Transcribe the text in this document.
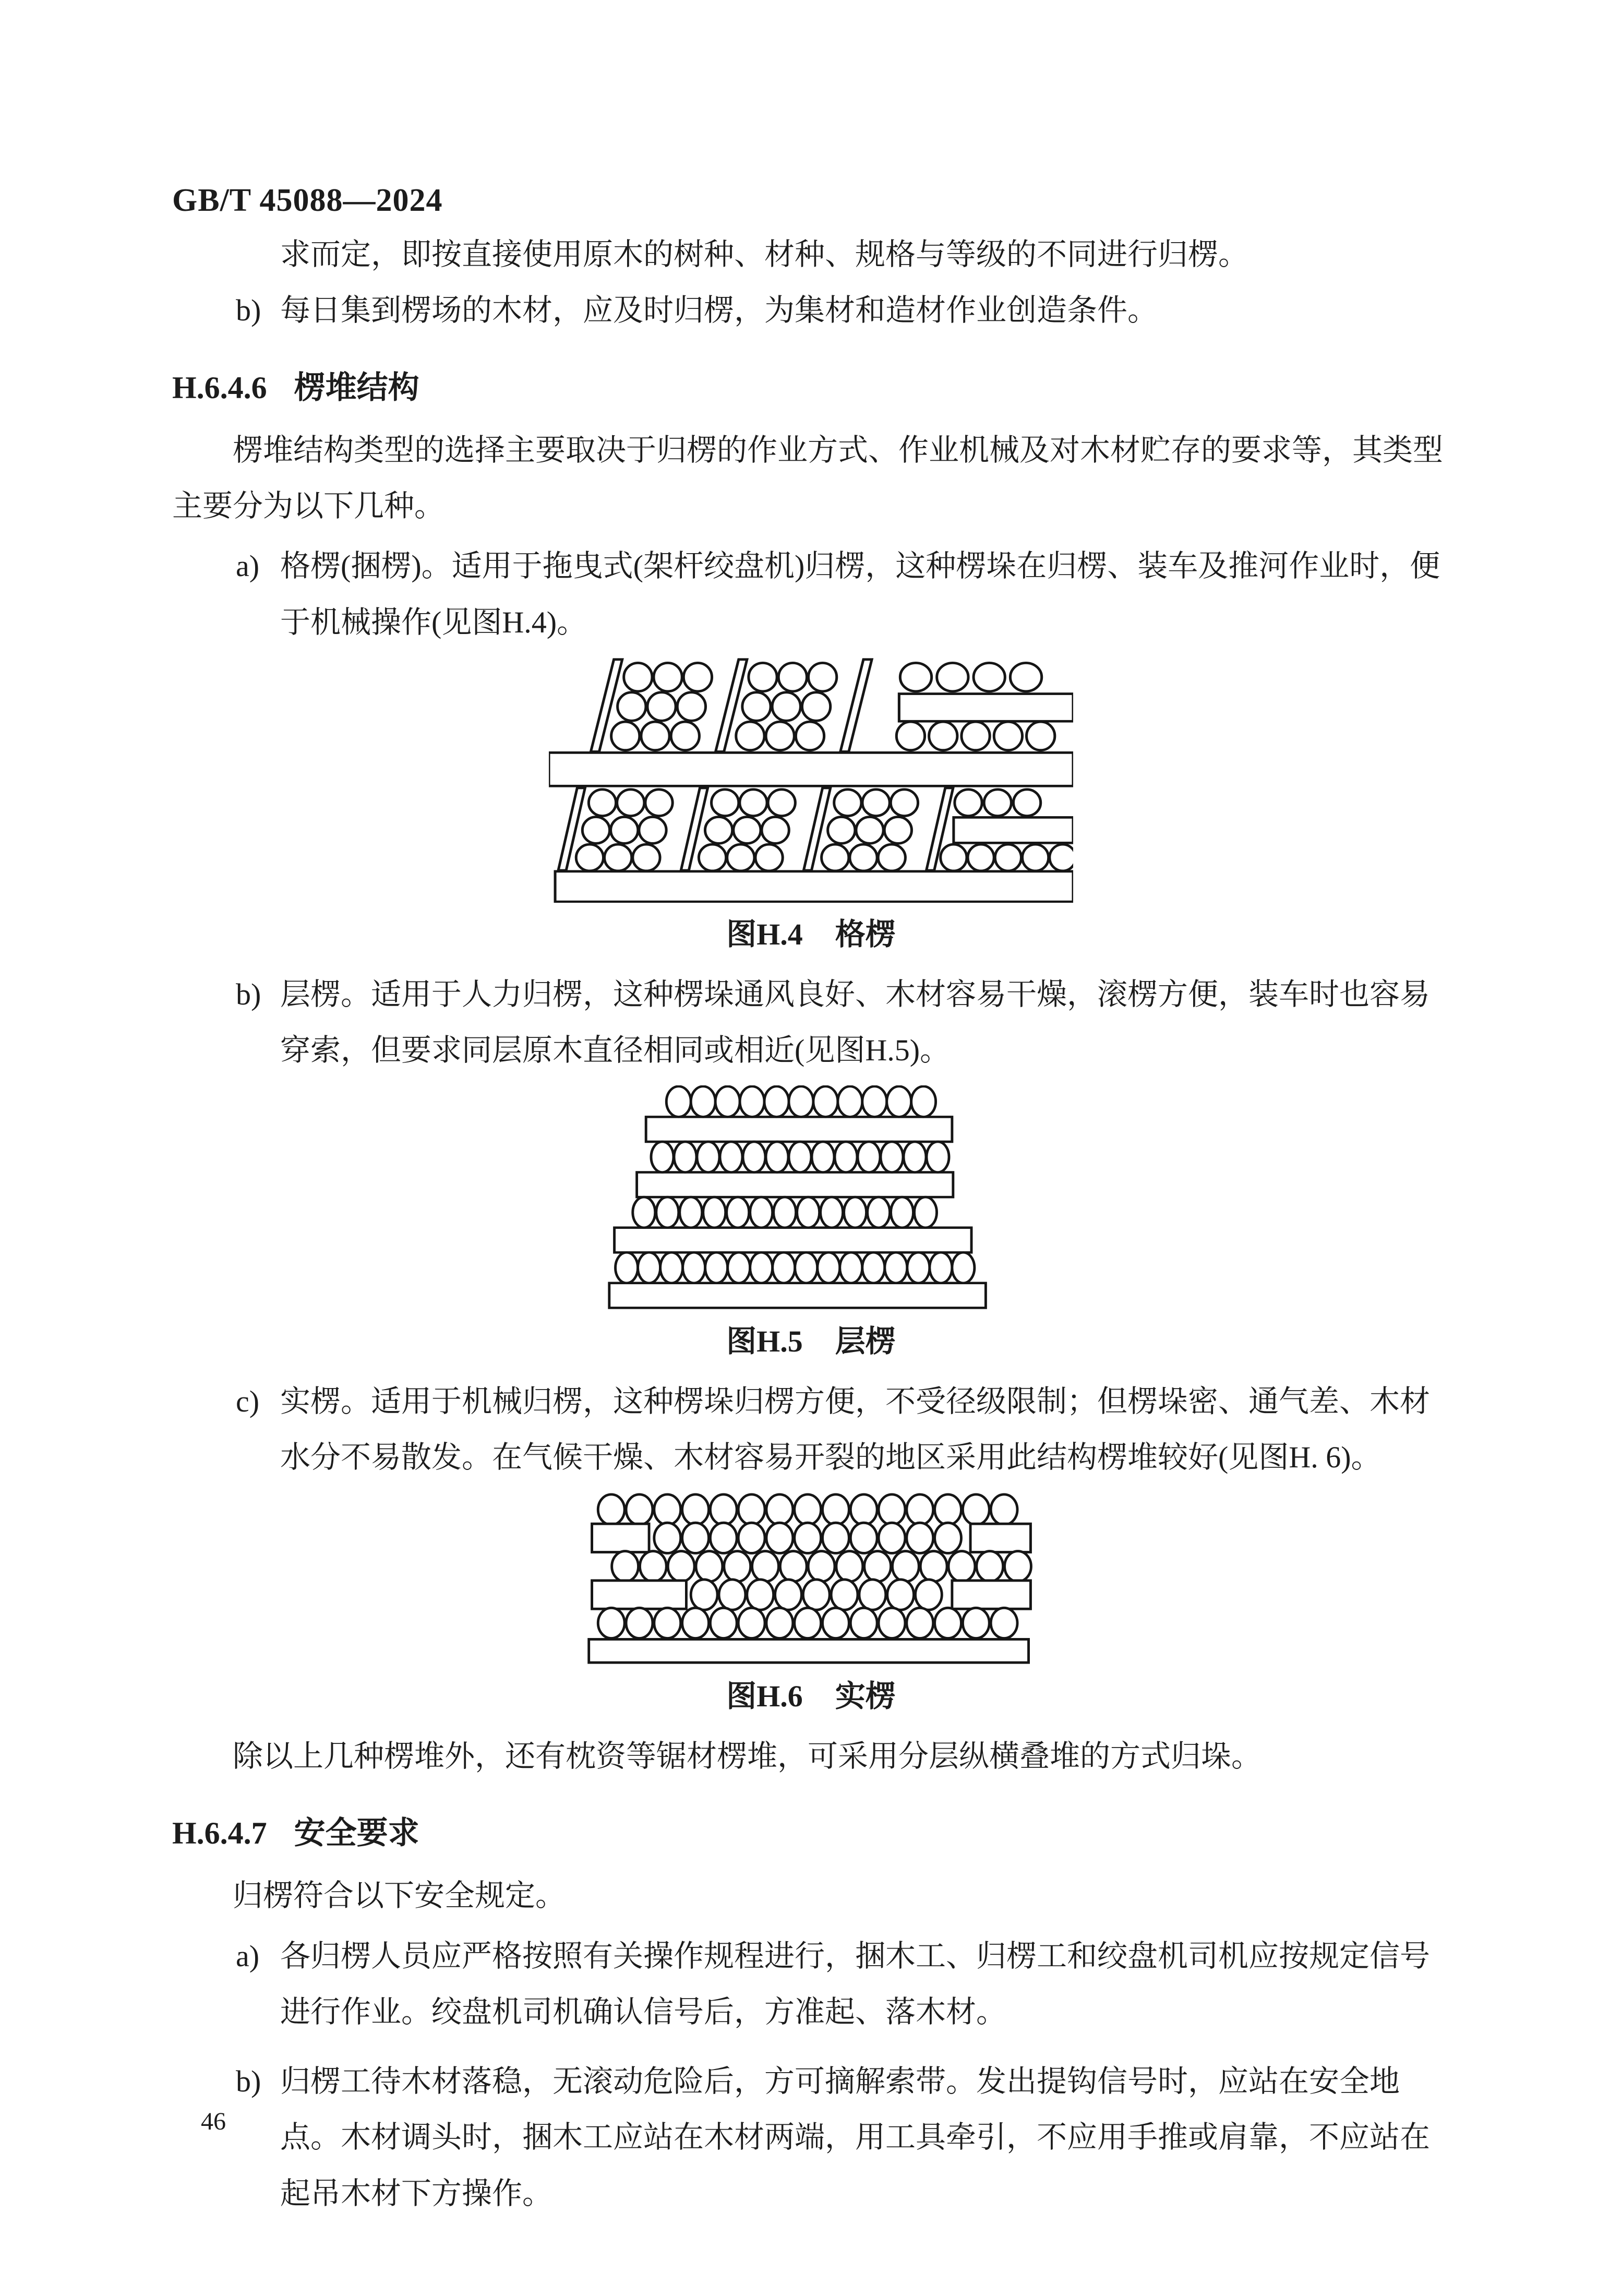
GB/T 45088—2024

求而定，即按直接使用原木的树种、材种、规格与等级的不同进行归楞。

b) 每日集到楞场的木材，应及时归楞，为集材和造材作业创造条件。
H.6.4.6 楞堆结构

楞堆结构类型的选择主要取决于归楞的作业方式、作业机械及对木材贮存的要求等，其类型主要分为以下几种。

a) 格楞(捆楞)。适用于拖曳式(架杆绞盘机)归楞，这种楞垛在归楞、装车及推河作业时，便于机械操作(见图H.4)。

图H.4 格楞

b) 层楞。适用于人力归楞，这种楞垛通风良好、木材容易干燥，滚楞方便，装车时也容易穿索，但要求同层原木直径相同或相近(见图H.5)。

图H.5 层楞

c) 实楞。适用于机械归楞，这种楞垛归楞方便，不受径级限制；但楞垛密、通气差、木材水分不易散发。在气候干燥、木材容易开裂的地区采用此结构楞堆较好(见图H. 6)。

图H.6 实楞

除以上几种楞堆外，还有枕资等锯材楞堆，可采用分层纵横叠堆的方式归垛。

H.6.4.7 安全要求

归楞符合以下安全规定。

a) 各归楞人员应严格按照有关操作规程进行，捆木工、归楞工和绞盘机司机应按规定信号进行作业。绞盘机司机确认信号后，方准起、落木材。
b) 归楞工待木材落稳，无滚动危险后，方可摘解索带。发出提钩信号时，应站在安全地点。木材调头时，捆木工应站在木材两端，用工具牵引，不应用手推或肩靠，不应站在起吊木材下方操作。
46
